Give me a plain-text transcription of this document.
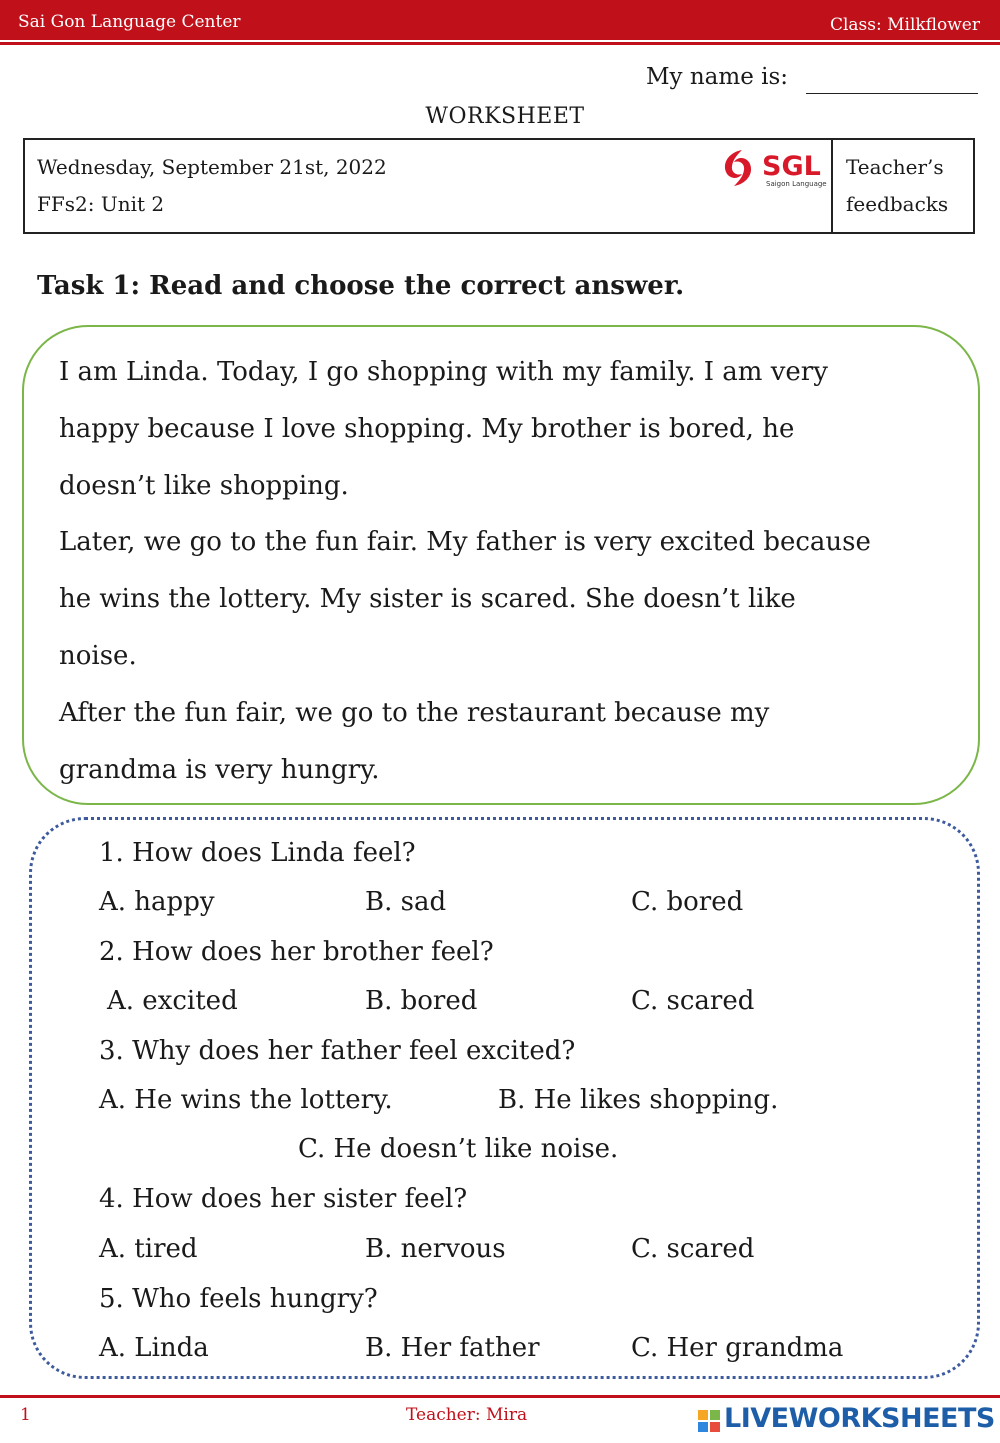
Sai Gon Language Center	Class: Milkflower
My name is:
WORKSHEET
Wednesday, September 21st, 2022
FFs2: Unit 2
SGL
Saigon Language
Teacher’s
feedbacks
Task 1: Read and choose the correct answer.

I am Linda. Today, I go shopping with my family. I am very

happy because I love shopping. My brother is bored, he

doesn’t like shopping.

Later, we go to the fun fair. My father is very excited because

he wins the lottery. My sister is scared. She doesn’t like

noise.

After the fun fair, we go to the restaurant because my

grandma is very hungry.

1. How does Linda feel?
A. happy	B. sad	C. bored
2. How does her brother feel?
A. excited	B. bored	C. scared
3. Why does her father feel excited?
A. He wins the lottery.	B. He likes shopping.
C. He doesn’t like noise.
4. How does her sister feel?
A. tired	B. nervous	C. scared
5. Who feels hungry?
A. Linda	B. Her father	C. Her grandma
1	Teacher: Mira	LIVEWORKSHEETS
